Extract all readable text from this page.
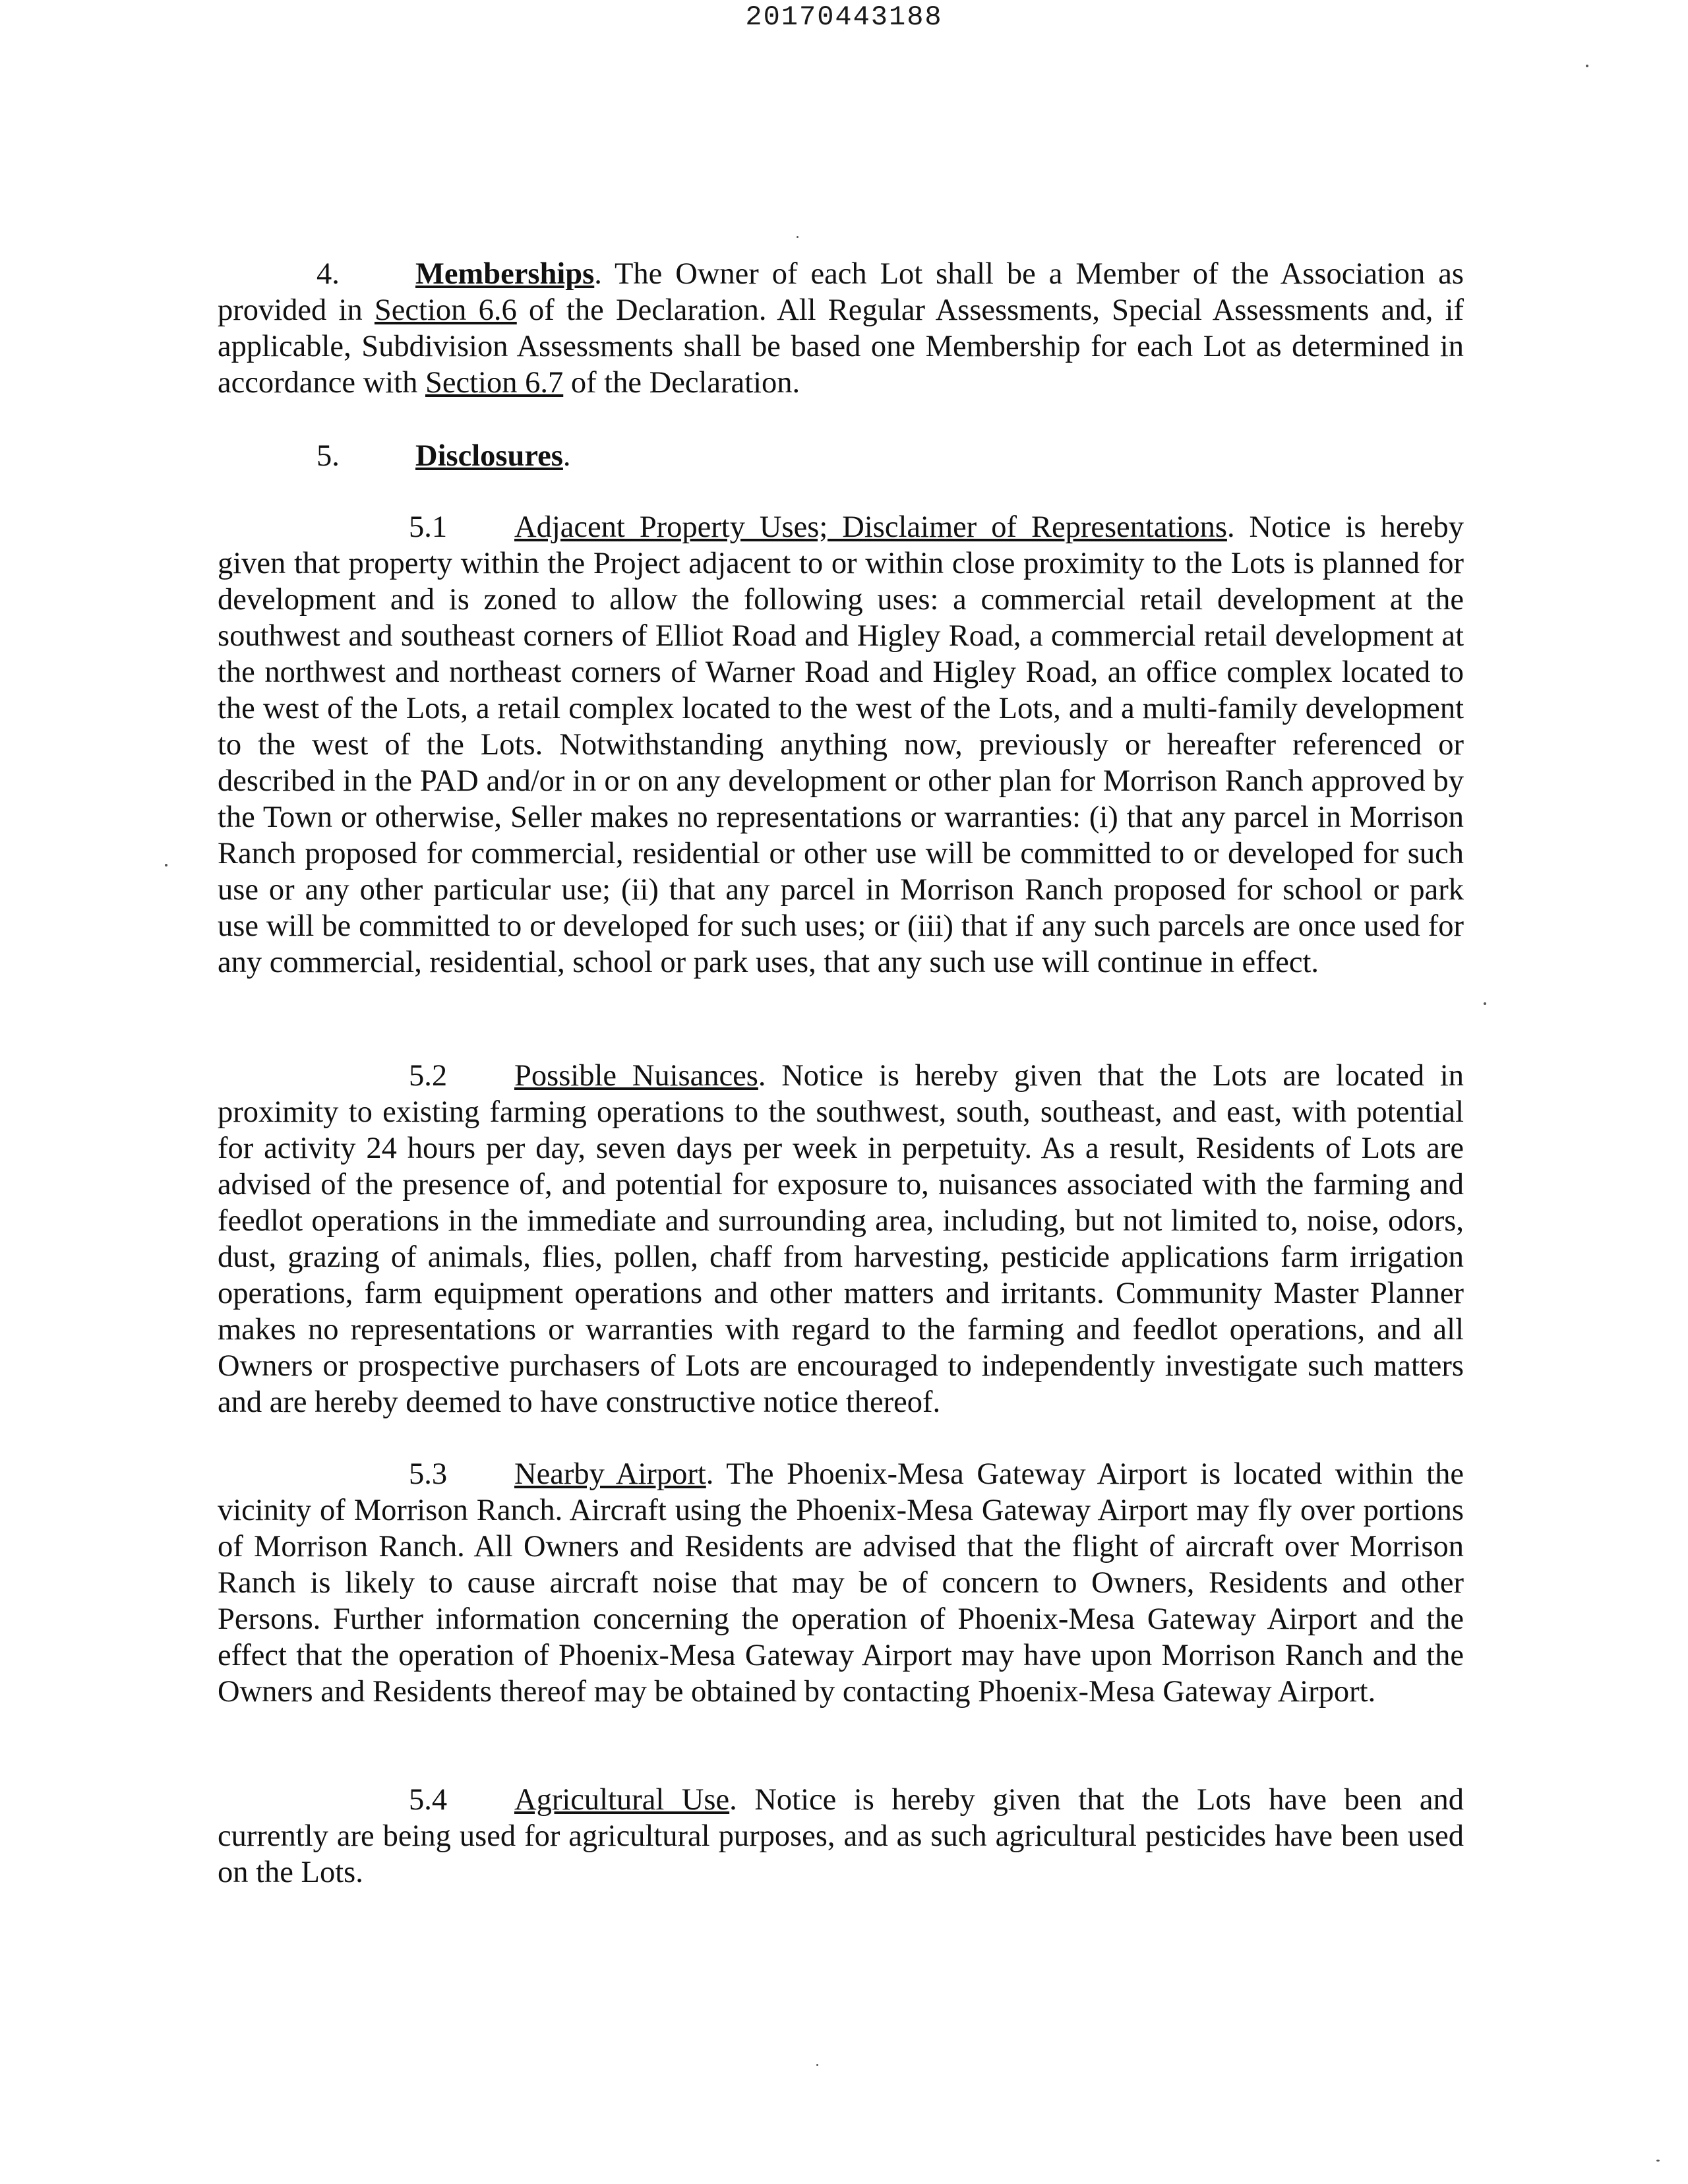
20170443188

4. Memberships. The Owner of each Lot shall be a Member of the Association as provided in Section 6.6 of the Declaration. All Regular Assessments, Special Assessments and, if applicable, Subdivision Assessments shall be based one Membership for each Lot as determined in accordance with Section 6.7 of the Declaration.

5. Disclosures.

5.1 Adjacent Property Uses; Disclaimer of Representations. Notice is hereby given that property within the Project adjacent to or within close proximity to the Lots is planned for development and is zoned to allow the following uses: a commercial retail development at the southwest and southeast corners of Elliot Road and Higley Road, a commercial retail development at the northwest and northeast corners of Warner Road and Higley Road, an office complex located to the west of the Lots, a retail complex located to the west of the Lots, and a multi-family development to the west of the Lots. Notwithstanding anything now, previously or hereafter referenced or described in the PAD and/or in or on any development or other plan for Morrison Ranch approved by the Town or otherwise, Seller makes no representations or warranties: (i) that any parcel in Morrison Ranch proposed for commercial, residential or other use will be committed to or developed for such use or any other particular use; (ii) that any parcel in Morrison Ranch proposed for school or park use will be committed to or developed for such uses; or (iii) that if any such parcels are once used for any commercial, residential, school or park uses, that any such use will continue in effect.

5.2 Possible Nuisances. Notice is hereby given that the Lots are located in proximity to existing farming operations to the southwest, south, southeast, and east, with potential for activity 24 hours per day, seven days per week in perpetuity. As a result, Residents of Lots are advised of the presence of, and potential for exposure to, nuisances associated with the farming and feedlot operations in the immediate and surrounding area, including, but not limited to, noise, odors, dust, grazing of animals, flies, pollen, chaff from harvesting, pesticide applications farm irrigation operations, farm equipment operations and other matters and irritants. Community Master Planner makes no representations or warranties with regard to the farming and feedlot operations, and all Owners or prospective purchasers of Lots are encouraged to independently investigate such matters and are hereby deemed to have constructive notice thereof.

5.3 Nearby Airport. The Phoenix-Mesa Gateway Airport is located within the vicinity of Morrison Ranch. Aircraft using the Phoenix-Mesa Gateway Airport may fly over portions of Morrison Ranch. All Owners and Residents are advised that the flight of aircraft over Morrison Ranch is likely to cause aircraft noise that may be of concern to Owners, Residents and other Persons. Further information concerning the operation of Phoenix-Mesa Gateway Airport and the effect that the operation of Phoenix-Mesa Gateway Airport may have upon Morrison Ranch and the Owners and Residents thereof may be obtained by contacting Phoenix-Mesa Gateway Airport.

5.4 Agricultural Use. Notice is hereby given that the Lots have been and currently are being used for agricultural purposes, and as such agricultural pesticides have been used on the Lots.
